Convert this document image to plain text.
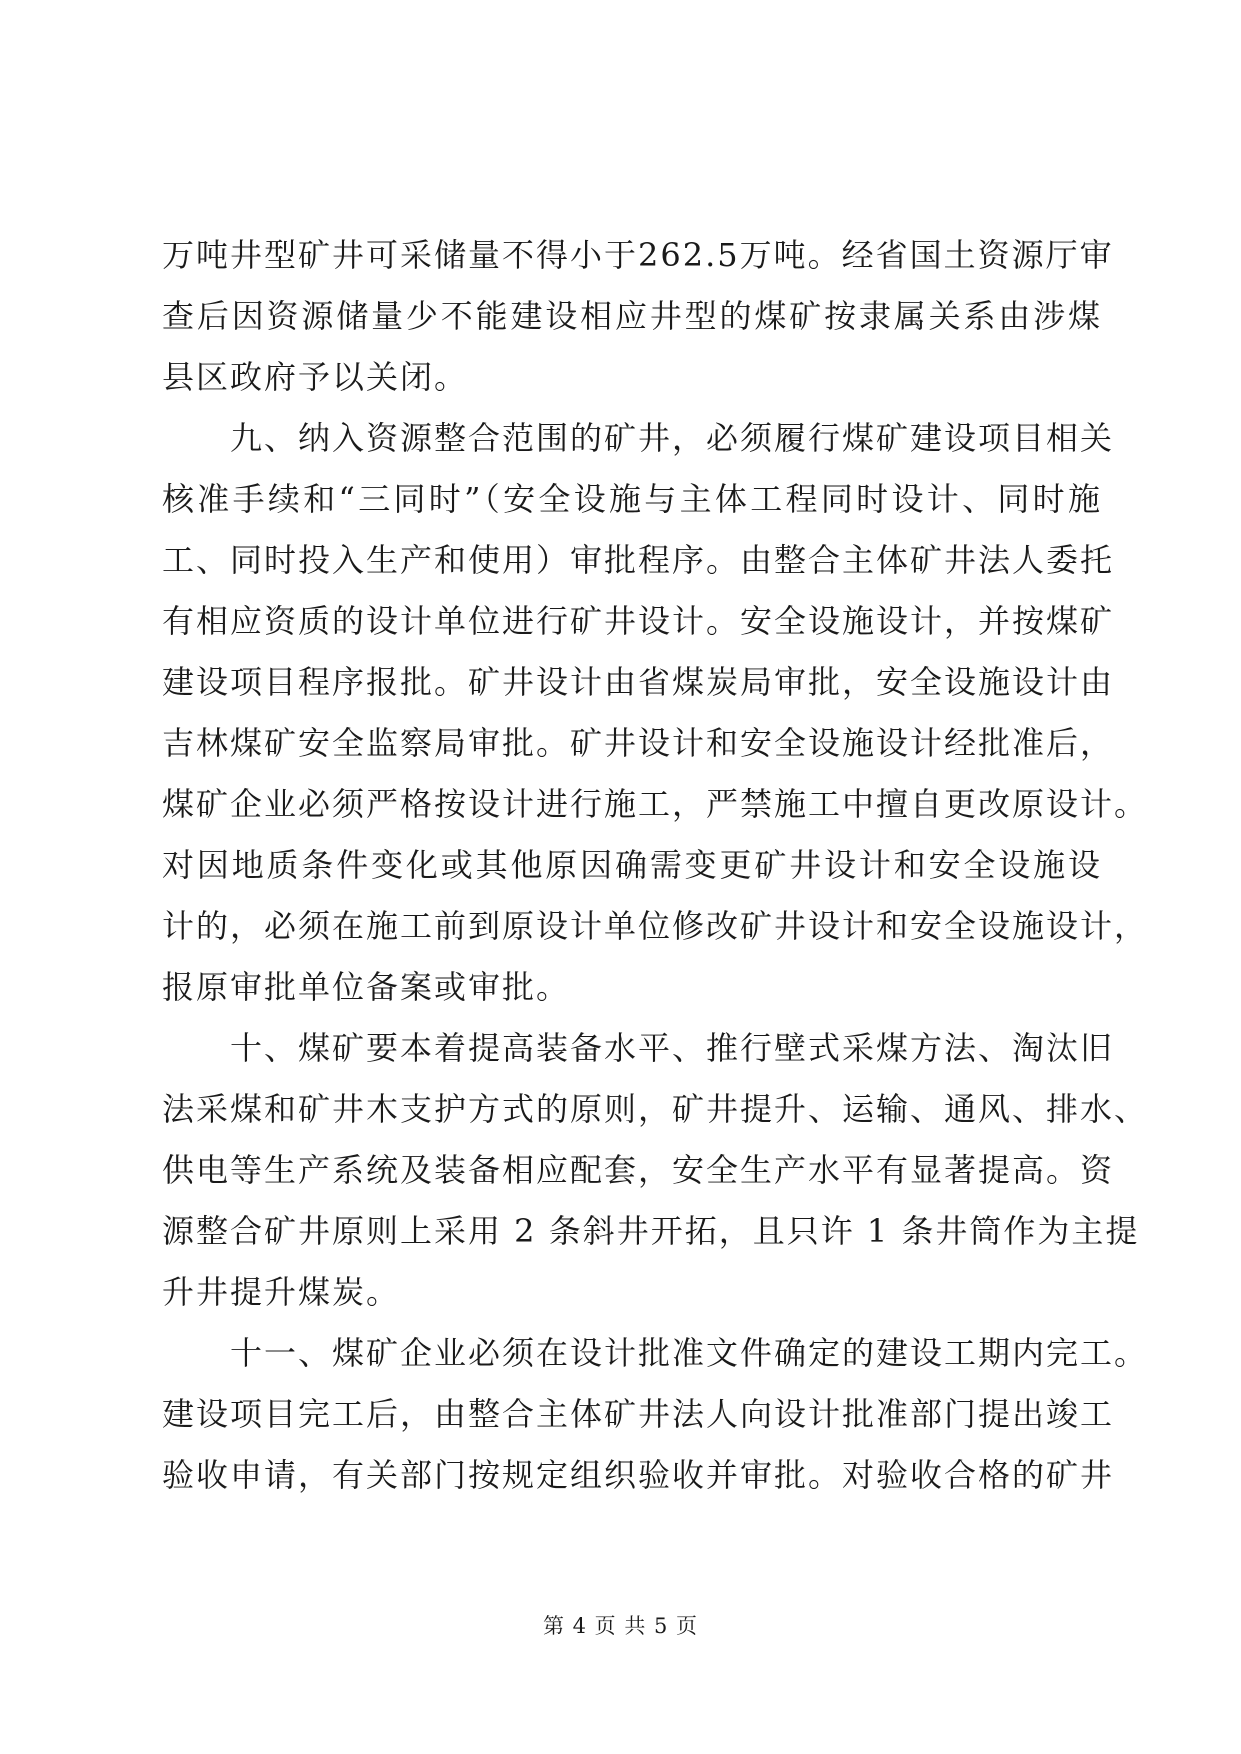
万吨井型矿井可采储量不得小于262.5万吨。经省国土资源厅审
查后因资源储量少不能建设相应井型的煤矿按隶属关系由涉煤
县区政府予以关闭。
九、纳入资源整合范围的矿井，必须履行煤矿建设项目相关
核准手续和“三同时”（安全设施与主体工程同时设计、同时施
工、同时投入生产和使用）审批程序。由整合主体矿井法人委托
有相应资质的设计单位进行矿井设计。安全设施设计，并按煤矿
建设项目程序报批。矿井设计由省煤炭局审批，安全设施设计由
吉林煤矿安全监察局审批。矿井设计和安全设施设计经批准后，
煤矿企业必须严格按设计进行施工，严禁施工中擅自更改原设计。
对因地质条件变化或其他原因确需变更矿井设计和安全设施设
计的，必须在施工前到原设计单位修改矿井设计和安全设施设计，
报原审批单位备案或审批。
十、煤矿要本着提高装备水平、推行壁式采煤方法、淘汰旧
法采煤和矿井木支护方式的原则，矿井提升、运输、通风、排水、
供电等生产系统及装备相应配套，安全生产水平有显著提高。资
源整合矿井原则上采用 2 条斜井开拓，且只许 1 条井筒作为主提
升井提升煤炭。
十一、煤矿企业必须在设计批准文件确定的建设工期内完工。
建设项目完工后，由整合主体矿井法人向设计批准部门提出竣工
验收申请，有关部门按规定组织验收并审批。对验收合格的矿井
第 4 页 共 5 页
